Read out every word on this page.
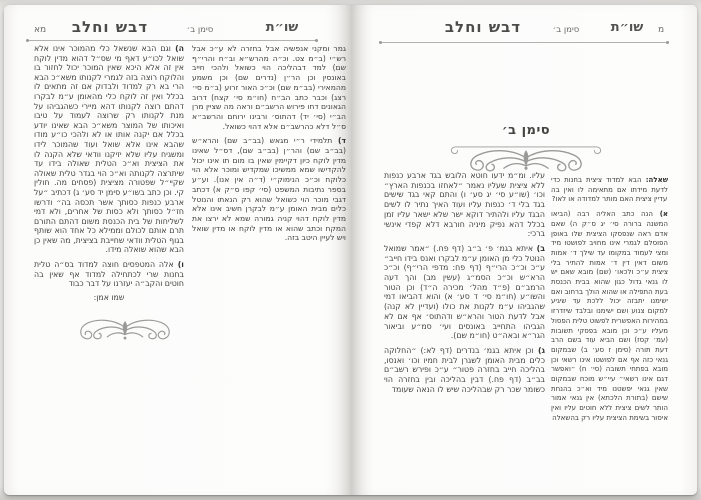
מא	דבש וחלב	סימן ב׳	שו״ת

ה) וגם הבא שנשאל כלי מהמוכר אינו אלא שואל לכו״ע דאף מי שס״ל דהוא מדין לוקח אין זה אלא היכא שאין המוכר יכול לחזור בו והלוקח רוצה בזה לגמרי לקנותו משא״כ הבא הרי בא רק למדוד ולבדוק אם זה מתאים לו בכלל ואין זה לוקח כלי מהאומן ע״מ לבקרו דהתם רוצה לקנותו דהא מיירי כשהגביהו על מנת לקנותו רק שרוצה לעמוד על טיבו ואיכותו של המוצר משא״כ הבא שאינו יודע בכלל אם יקנה אותו או לא ולהכי כו״ע מודו שהבא אינו אלא שואל ועוד שהמוכר לידו ומשגיח עליו שלא יזיקנו וודאי שלא הקנה לו את הציצית וא״כ הטלית שאולה בידו עד שיתרצה לקנותה וא״כ הוי בגדר טלית שאולה שקיי״ל שפטורה מציצית (פסחים מה. חולין קי. וכן כתב בשו״ע סימן יד סע׳ ג) דכתיב ״על ארבע כנפות כסותך אשר תכסה בה״ ודרשו חז״ל כסותך ולא כסות של אחרים, ולא דמי לשליחות של בית הכנסת משום דהתם התורם תרם אותם לכולם וממילא כל אחד הוא שותף בגוף הטלית וודאי שחייבת בציצית, מה שאין כן הבא שהוא שואלה מידו.

ו) אלה המטפסים חוצה למדוד בס״ה טלית בחנות שרי לכתחילה למדוד אף שאין בה חוטים והקב״ה יעזרנו על דבר כבוד

שמו אמן:

גמר ומקני אנפשיה אבל בחזרה לא ע״כ אבל רש״י (ב״מ צט. וכ״ה מהרש״א וב״ח והרי״ף שם) למד דבהליכה הוי כשואל ולהכי חייב באונסין וכן הר״ן (נדרים שם) וכן משמע מהמאירי (בב״מ שם) וכ״כ האור זרוע (ב״מ סי׳ רצג) וכבר כתב הב״ח (חו״מ סי׳ קצח) דרוב הגאונים דחו פירוש הרשב״ם וראה מה שציין מרן הב״י (סי׳ יד) דהתוס׳ ורבינו ירוחם והרשב״א ס״ל דלא כהרשב״ם אלא דהוי כשואל.

ד) תלמידי ר״י מגאש (בב״ב שם) והרא״ש (בב״ב שם) והר״ן (בב״ב שם), דס״ל שאינו מדין לוקח כיון דקיימין שאין בו מום תו אינו יכול להקדישו שמא ממשיכו שמקדיש ומוכר אלא הוי כלוקח וכ״כ הנימוק״י (ד״ה אין אנו). וע״ע בספר נתיבות המשפט (סי׳ קפו ס״ק א) דכתב דגבי מוכר הוי כשואל שהוא רק הנאתו והנוטל כלים מבית האומן ע״מ לבקרן חשיב אינו אלא מדין לוקח דהוי קניה גמורה שמא לא ירצו את המקח וכתב שהוא או מדין לוקח או מדין שואל ויש לעיין היטב בזה.

דבש וחלב	סימן ב׳	שו״ת	מ
סימן ב׳

עליו. ומ״מ ידעו חוטא הלובש בגד ארבע כנפות ללא ציצית שעליו נאמר ״לאחזו בכנפות הארץ״ וכו׳ (שו״ע סי׳ יג סע׳ ו) והתם קאי בגד שישים בגד בלי ד׳ כנפות עליו ועוד האיך נתיר לו לשים הבגד עליו ולהתיר דוקא ישר שלא ישאר עליו זמן בכלל דהא נפיק מיניה חורבא דלא קפדי אינשי ברכי:

ב) איתא בגמ׳ פ׳ ב״ב (דף פח.) ״אמר שמואל הנוטל כלי מן האומן ע״מ לבקרו ואנס בידו חייב״ ע״כ וכ״כ הרי״ף (דף פח: מדפי הרי״ף) וכ״כ הרא״ש וכ״כ הסמ״ג (עשין מב) והך דעה הרמב״ם (פ״ד מהל׳ מכירה ה״ד) וכן הטור והשו״ע (חו״מ סי׳ ד סע׳ א) והוא דהביאו דמי שהגביהו ע״מ לקנות את כולו (ועדיין לא קנה) אבל לדעת הטור והרא״ש ודהתוס׳ אף אם לא הגביהו התחייב באונסים ועי׳ סמ״ע וביאור הגר״א ובאה״ט (חו״מ שם).

ג) וכן איתא בגמ׳ בנדרים (דף לא:) ״החלוקה כלים מבית האומן לשגרן לבית חמיו וכו׳ ואנסו, בהליכה חייב בחזרה פטור״ ע״כ ופירש רשב״ם בב״ב (דף פח.) דבין בהליכה ובין בחזרה הוי כשומר שכר רק שבהליכה שיש לו הנאה שעומד

שאלה: הבא למדוד ציצית בחנות כדי לדעת מידתו אם מתאימה לו ואין בה עדיין ציצית האם מותר למדודה או לאו?

א) הנה כתב האליה רבה (הביאו המשנה ברורה סי׳ יג ס״ק ה) שאם אדם ראה שנפסקו הציצית שלו באופן הפוסלם לגמרי אינו מחויב לפושטו מיד ומצי לעמוד במקומו עד שילך ד׳ אמות משום דאין דין ד׳ אמות להתיר בלי ציצית ע״כ ולכאו׳ (שם) מובא שאם יש לו גנאי גדול כגון שהוא בבית הכנסת בעת התפילה או שהוא הולך ברחוב ואם ישימנו יתבזה יכול ללכת עד שיגיע למקום צנוע ושם ישימנו ובלבד שיזדרזו במהירות האפשרית לפשוט טלית הפסול מעליו ע״כ וכן מובא בפסקי תשובות (עמ׳ קסז) ושם הביא עוד בשם הרב דעת תורה (סימן ז סע׳ ב) שבמקום גנאי כזה אף אם לפושטו אינו רשאי וכן מובא בפתחי תשובה (סי׳ ח) ״ואפשר דגם אינו רשאי״ עיי״ש מוכח שבמקום שאין גנאי יפשטנו מיד וא״כ בהנחת שישם (בתורת הלכתא) אין גנאי אמור הותר לשים ציצית ללא חוטים עליו ואין איסור בשימת הציצית עליו רק בהשאלה
